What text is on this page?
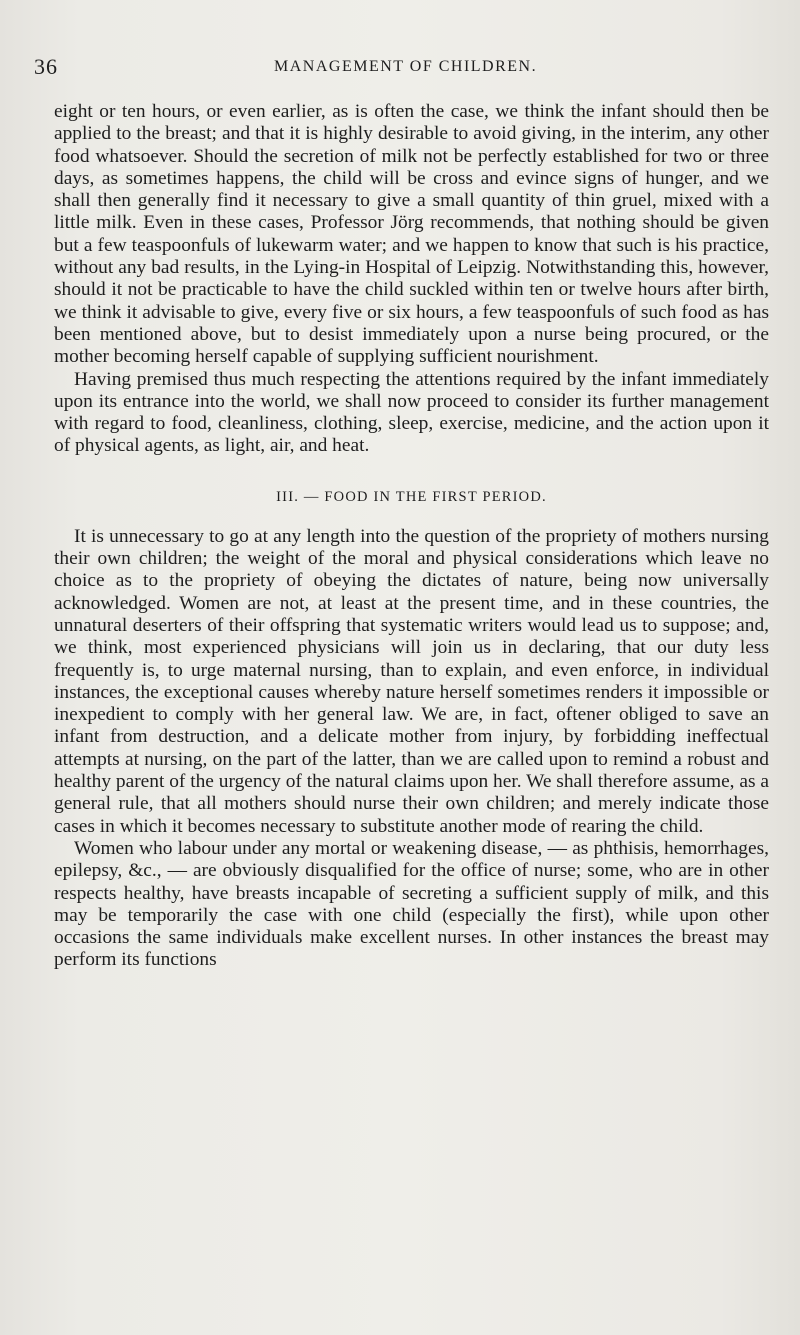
36	MANAGEMENT OF CHILDREN.

eight or ten hours, or even earlier, as is often the case, we think the infant should then be applied to the breast; and that it is highly desirable to avoid giving, in the interim, any other food whatsoever. Should the secretion of milk not be perfectly established for two or three days, as sometimes happens, the child will be cross and evince signs of hunger, and we shall then generally find it necessary to give a small quantity of thin gruel, mixed with a little milk. Even in these cases, Professor Jörg recommends, that nothing should be given but a few teaspoonfuls of lukewarm water; and we happen to know that such is his practice, without any bad results, in the Lying-in Hospital of Leipzig. Notwithstanding this, however, should it not be practicable to have the child suckled within ten or twelve hours after birth, we think it advisable to give, every five or six hours, a few teaspoonfuls of such food as has been mentioned above, but to desist immediately upon a nurse being procured, or the mother becoming herself capable of supplying sufficient nourishment.

Having premised thus much respecting the attentions required by the infant immediately upon its entrance into the world, we shall now proceed to consider its further management with regard to food, cleanliness, clothing, sleep, exercise, medicine, and the action upon it of physical agents, as light, air, and heat.

III. — FOOD IN THE FIRST PERIOD.

It is unnecessary to go at any length into the question of the propriety of mothers nursing their own children; the weight of the moral and physical considerations which leave no choice as to the propriety of obeying the dictates of nature, being now universally acknowledged. Women are not, at least at the present time, and in these countries, the unnatural deserters of their offspring that systematic writers would lead us to suppose; and, we think, most experienced physicians will join us in declaring, that our duty less frequently is, to urge maternal nursing, than to explain, and even enforce, in individual instances, the exceptional causes whereby nature herself sometimes renders it impossible or inexpedient to comply with her general law. We are, in fact, oftener obliged to save an infant from destruction, and a delicate mother from injury, by forbidding ineffectual attempts at nursing, on the part of the latter, than we are called upon to remind a robust and healthy parent of the urgency of the natural claims upon her. We shall therefore assume, as a general rule, that all mothers should nurse their own children; and merely indicate those cases in which it becomes necessary to substitute another mode of rearing the child.

Women who labour under any mortal or weakening disease, — as phthisis, hemorrhages, epilepsy, &c., — are obviously disqualified for the office of nurse; some, who are in other respects healthy, have breasts incapable of secreting a sufficient supply of milk, and this may be temporarily the case with one child (especially the first), while upon other occasions the same individuals make excellent nurses. In other instances the breast may perform its functions
